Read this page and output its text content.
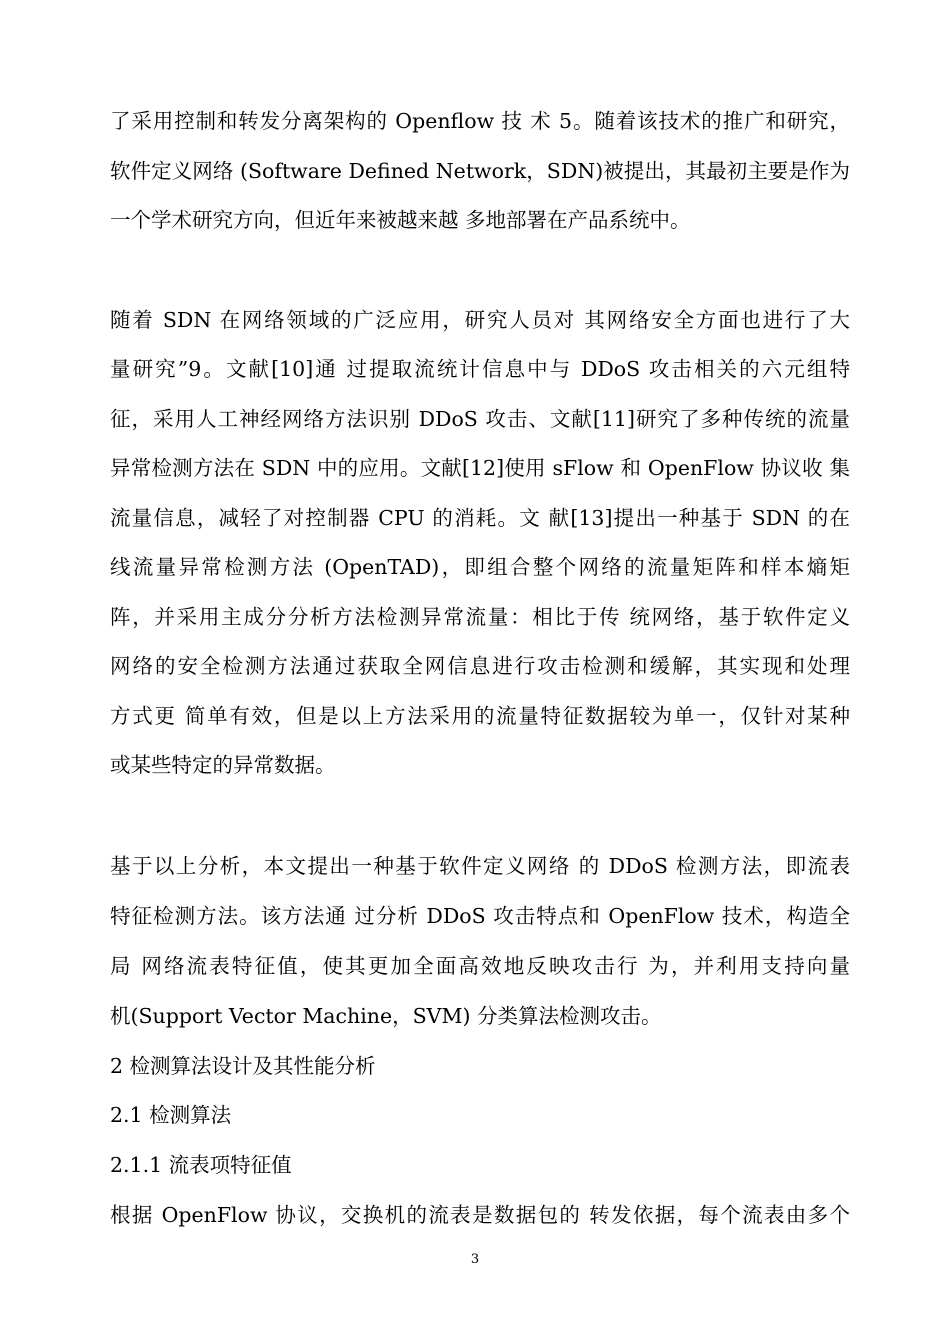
了采用控制和转发分离架构的 Openflow 技 术 5。随着该技术的推广和研究，
软件定义网络 (Software Defined Network，SDN)被提出，其最初主要是作为
一个学术研究方向，但近年来被越来越 多地部署在产品系统中。
随着 SDN 在网络领域的广泛应用，研究人员对 其网络安全方面也进行了大
量研究”9。文献[10]通 过提取流统计信息中与 DDoS 攻击相关的六元组特
征，采用人工神经网络方法识别 DDoS 攻击、文献[11]研究了多种传统的流量
异常检测方法在 SDN 中的应用。文献[12]使用 sFlow 和 OpenFlow 协议收 集
流量信息，减轻了对控制器 CPU 的消耗。文 献[13]提出一种基于 SDN 的在
线流量异常检测方法 (OpenTAD)，即组合整个网络的流量矩阵和样本熵矩
阵，并采用主成分分析方法检测异常流量：相比于传 统网络，基于软件定义
网络的安全检测方法通过获取全网信息进行攻击检测和缓解，其实现和处理
方式更 简单有效，但是以上方法采用的流量特征数据较为单一，仅针对某种
或某些特定的异常数据。
基于以上分析，本文提出一种基于软件定义网络 的 DDoS 检测方法，即流表
特征检测方法。该方法通 过分析 DDoS 攻击特点和 OpenFlow 技术，构造全
局 网络流表特征值，使其更加全面高效地反映攻击行 为，并利用支持向量
机(Support Vector Machine，SVM) 分类算法检测攻击。
2 检测算法设计及其性能分析
2.1 检测算法
2.1.1 流表项特征值
根据 OpenFlow 协议，交换机的流表是数据包的 转发依据，每个流表由多个
3
